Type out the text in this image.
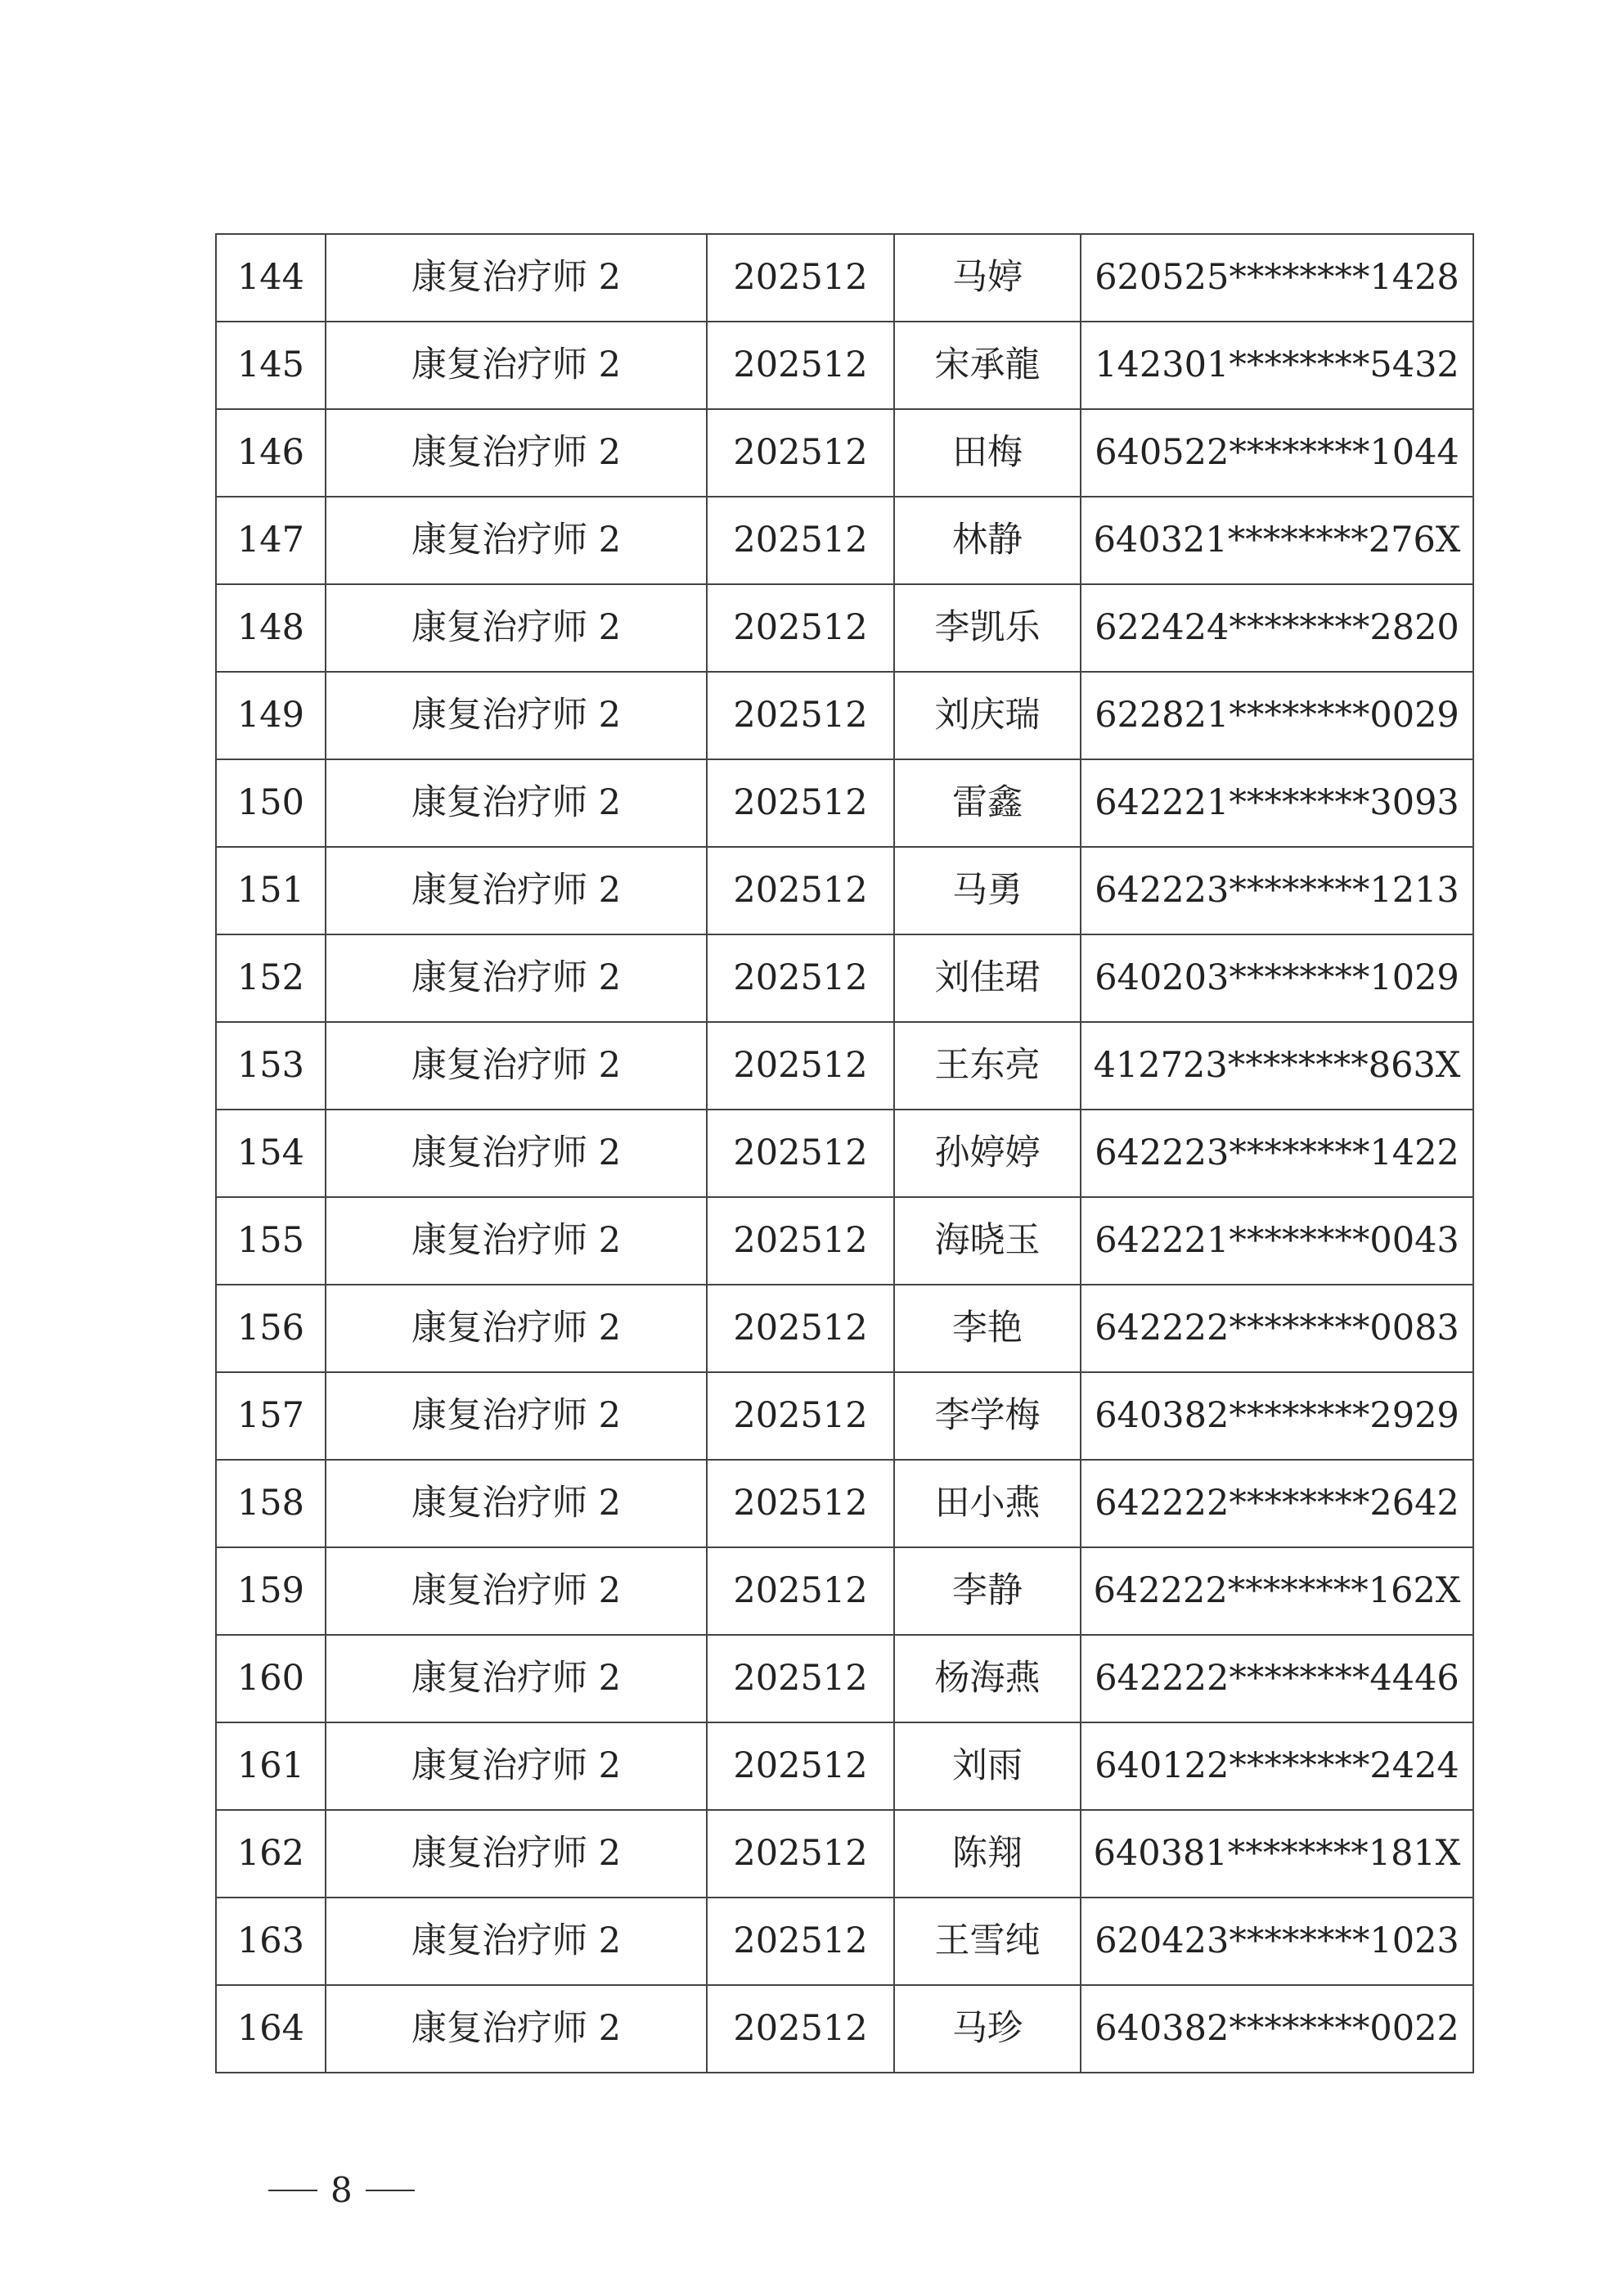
144	康复治疗师 2	202512	马婷	620525********1428
145	康复治疗师 2	202512	宋承龍	142301********5432
146	康复治疗师 2	202512	田梅	640522********1044
147	康复治疗师 2	202512	林静	640321********276X
148	康复治疗师 2	202512	李凯乐	622424********2820
149	康复治疗师 2	202512	刘庆瑞	622821********0029
150	康复治疗师 2	202512	雷鑫	642221********3093
151	康复治疗师 2	202512	马勇	642223********1213
152	康复治疗师 2	202512	刘佳珺	640203********1029
153	康复治疗师 2	202512	王东亮	412723********863X
154	康复治疗师 2	202512	孙婷婷	642223********1422
155	康复治疗师 2	202512	海晓玉	642221********0043
156	康复治疗师 2	202512	李艳	642222********0083
157	康复治疗师 2	202512	李学梅	640382********2929
158	康复治疗师 2	202512	田小燕	642222********2642
159	康复治疗师 2	202512	李静	642222********162X
160	康复治疗师 2	202512	杨海燕	642222********4446
161	康复治疗师 2	202512	刘雨	640122********2424
162	康复治疗师 2	202512	陈翔	640381********181X
163	康复治疗师 2	202512	王雪纯	620423********1023
164	康复治疗师 2	202512	马珍	640382********0022
8
